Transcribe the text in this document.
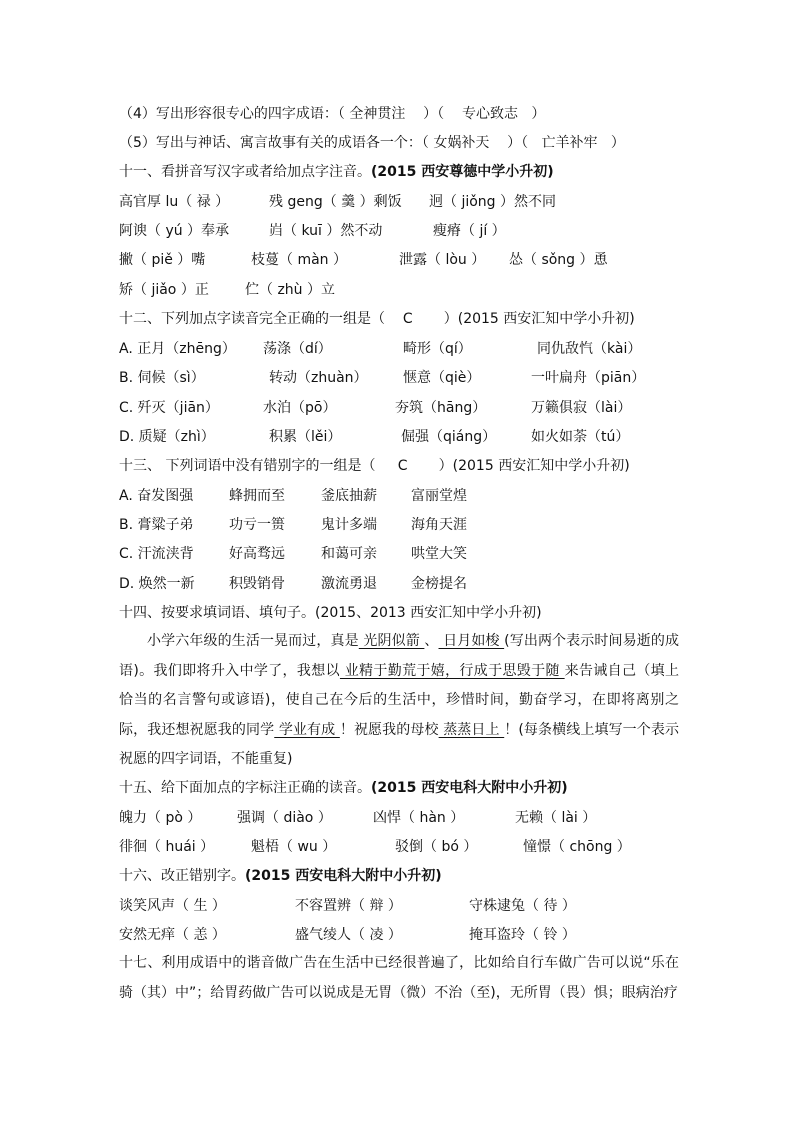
（4）写出形容很专心的四字成语：（ 全神贯注 ）（ 专心致志 ）
（5）写出与神话、寓言故事有关的成语各一个：（ 女娲补天 ）（ 亡羊补牢 ）
十一、看拼音写汉字或者给加点字注音。(2015 西安尊德中学小升初)
高官厚 lu（ 禄 ）	残 geng（ 羹 ）剩饭 迥（ jiǒng ）然不同
阿谀（ yú ）奉承	岿（ kuī ）然不动	瘦瘠（ jí ）
撇（ piě ）嘴	枝蔓（ màn ）	泄露（ lòu ） 怂（ sǒng ）恿
矫（ jiǎo ）正	伫（ zhù ）立
十二、下列加点字读音完全正确的一组是（ C ）(2015 西安汇知中学小升初)
A. 正月（zhēng） 荡涤（dí）	畸形（qí）	同仇敌忾（kài）
B. 伺候（sì）	转动（zhuàn）	惬意（qiè）	一叶扁舟（piān）
C. 歼灭（jiān）	水泊（pō）	夯筑（hāng）	万籁俱寂（lài）
D. 质疑（zhì）	积累（lěi）	倔强（qiáng） 如火如荼（tú）
十三、 下列词语中没有错别字的一组是（ C ）(2015 西安汇知中学小升初)
A. 奋发图强	蜂拥而至	釜底抽薪 富丽堂煌
B. 膏粱子弟	功亏一篑	鬼计多端 海角天涯
C. 汗流浃背	好高骛远	和蔼可亲 哄堂大笑
D. 焕然一新 积毁销骨	激流勇退 金榜提名
十四、按要求填词语、填句子。(2015、2013 西安汇知中学小升初)
小学六年级的生活一晃而过，真是 光阴似箭 、 日月如梭 (写出两个表示时间易逝的成语)。我们即将升入中学了，我想以 业精于勤荒于嬉，行成于思毁于随 来告诫自己（填上恰当的名言警句或谚语)，使自己在今后的生活中，珍惜时间，勤奋学习，在即将离别之际，我还想祝愿我的同学 学业有成 ！祝愿我的母校 蒸蒸日上 ！(每条横线上填写一个表示祝愿的四字词语，不能重复)
十五、给下面加点的字标注正确的读音。(2015 西安电科大附中小升初)
魄力（ pò ）	强调（ diào ）	凶悍（ hàn ）	无赖（ lài ）
徘徊（ huái ）	魁梧（ wu ）	驳倒（ bó ）	憧憬（ chōng ）
十六、改正错别字。(2015 西安电科大附中小升初)
谈笑风声（ 生 ）	不容置辨（ 辩 ）	守株逮兔（ 待 ）
安然无痒（ 恙 ）	盛气绫人（ 凌 ）	掩耳盗玲（ 铃 ）
十七、利用成语中的谐音做广告在生活中已经很普遍了，比如给自行车做广告可以说“乐在骑（其）中”；给胃药做广告可以说成是无胃（微）不治（至)，无所胃（畏）惧；眼病治疗
